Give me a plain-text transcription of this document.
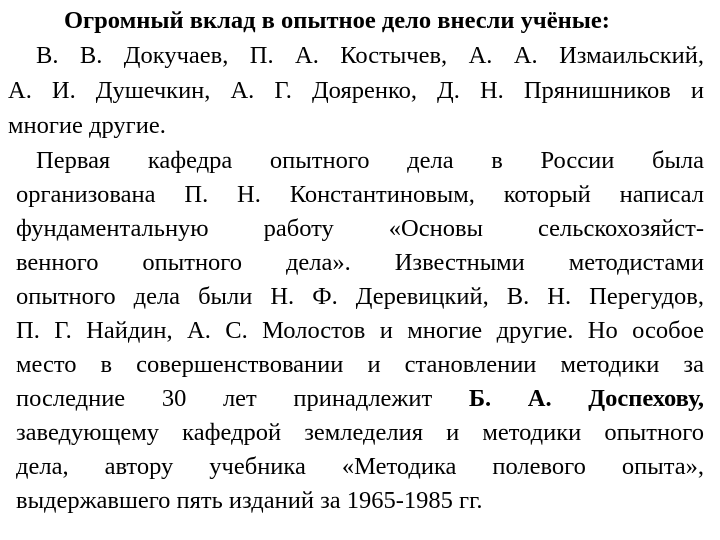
Огромный вклад в опытное дело внесли учёные:
В. В. Докучаев, П. А. Костычев, А. А. Измаильский,
А. И. Душечкин, А. Г. Дояренко, Д. Н. Прянишников и
многие другие.
Первая кафедра опытного дела в России была
организована П. Н. Константиновым, который написал
фундаментальную работу «Основы сельскохозяйст-
венного опытного дела». Известными методистами
опытного дела были Н. Ф. Деревицкий, В. Н. Перегудов,
П. Г. Найдин, А. С. Молостов и многие другие. Но особое
место в совершенствовании и становлении методики за
последние 30 лет принадлежит Б. А. Доспехову,
заведующему кафедрой земледелия и методики опытного
дела, автору учебника «Методика полевого опыта»,
выдержавшего пять изданий за 1965-1985 гг.
